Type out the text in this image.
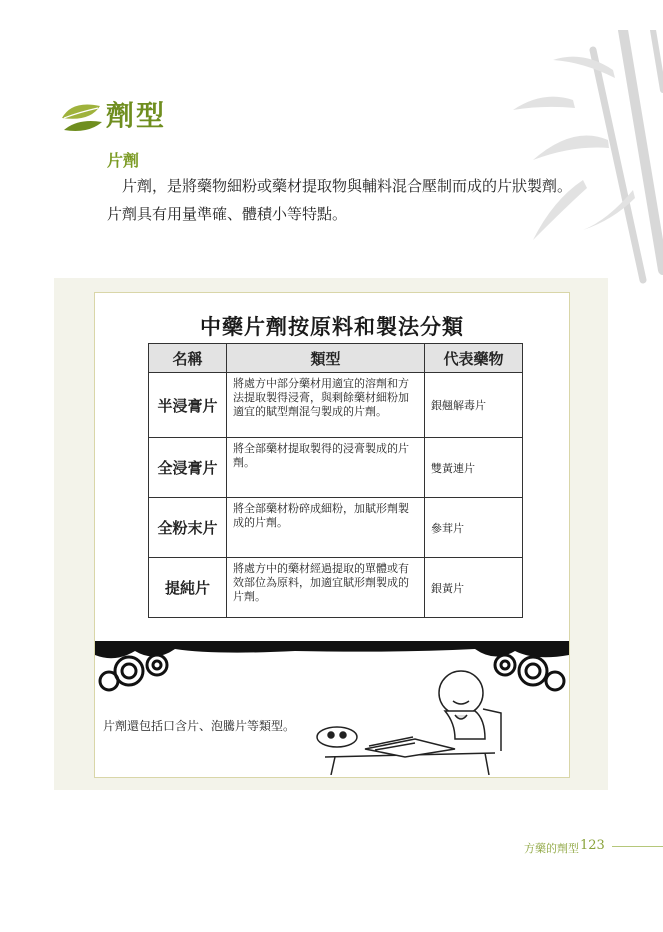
劑型
片劑

片劑，是將藥物細粉或藥材提取物與輔料混合壓制而成的片狀製劑。

片劑具有用量準確、體積小等特點。

中藥片劑按原料和製法分類
名稱	類型	代表藥物
半浸膏片	將處方中部分藥材用適宜的溶劑和方法提取製得浸膏，與剩餘藥材細粉加適宜的賦型劑混勻製成的片劑。	銀翹解毒片
全浸膏片	將全部藥材提取製得的浸膏製成的片劑。	雙黃連片
全粉末片	將全部藥材粉碎成細粉，加賦形劑製成的片劑。	參茸片
提純片	將處方中的藥材經過提取的單體或有效部位為原料，加適宜賦形劑製成的片劑。	銀黃片
片劑還包括口含片、泡騰片等類型。
方藥的劑型 123
